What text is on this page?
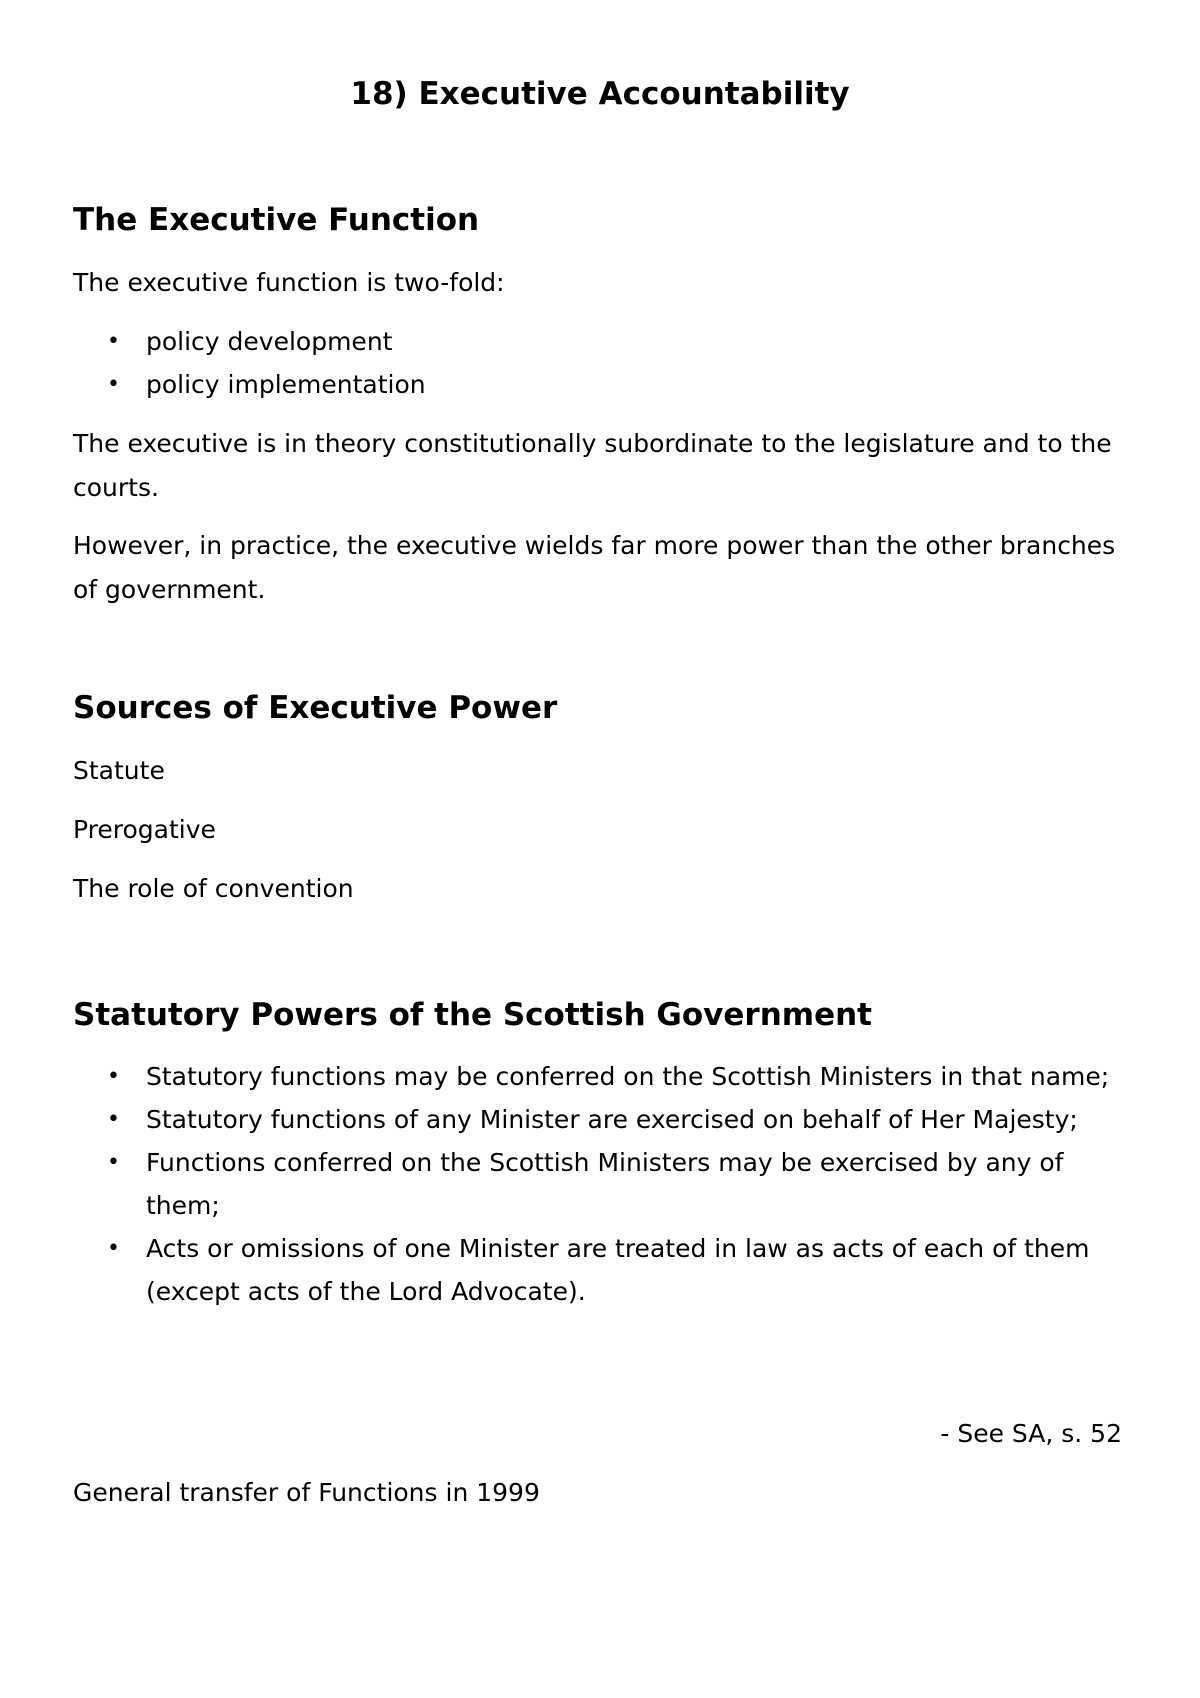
18) Executive Accountability
The Executive Function

The executive function is two-fold:

• policy development
• policy implementation

The executive is in theory constitutionally subordinate to the legislature and to the courts.

However, in practice, the executive wields far more power than the other branches of government.

Sources of Executive Power

Statute

Prerogative

The role of convention

Statutory Powers of the Scottish Government
• Statutory functions may be conferred on the Scottish Ministers in that name;
• Statutory functions of any Minister are exercised on behalf of Her Majesty;
• Functions conferred on the Scottish Ministers may be exercised by any of them;
• Acts or omissions of one Minister are treated in law as acts of each of them (except acts of the Lord Advocate).

- See SA, s. 52

General transfer of Functions in 1999
